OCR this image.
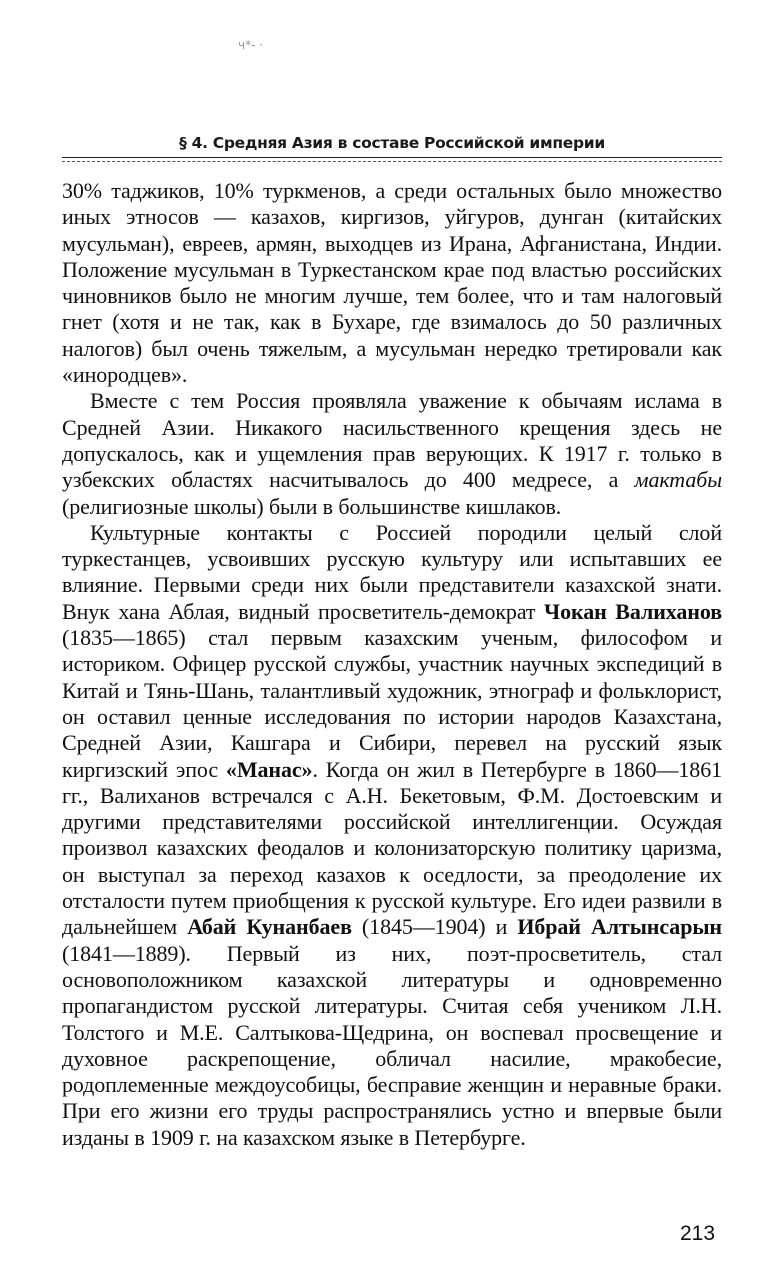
ч*- ·
§ 4. Средняя Азия в составе Российской империи

30% таджиков, 10% туркменов, а среди остальных было множество иных этносов — казахов, киргизов, уйгуров, дунган (китайских мусульман), евреев, армян, выходцев из Ирана, Афганистана, Индии. Положение мусульман в Туркестанском крае под властью российских чиновников было не многим лучше, тем более, что и там налоговый гнет (хотя и не так, как в Бухаре, где взималось до 50 различных налогов) был очень тяжелым, а мусульман нередко третировали как «инородцев».

Вместе с тем Россия проявляла уважение к обычаям ислама в Средней Азии. Никакого насильственного крещения здесь не допускалось, как и ущемления прав верующих. К 1917 г. только в узбекских областях насчитывалось до 400 медресе, а мактабы (религиозные школы) были в большинстве кишлаков.

Культурные контакты с Россией породили целый слой туркестанцев, усвоивших русскую культуру или испытавших ее влияние. Первыми среди них были представители казахской знати. Внук хана Аблая, видный просветитель-демократ Чокан Валиханов (1835—1865) стал первым казахским ученым, философом и историком. Офицер русской службы, участник научных экспедиций в Китай и Тянь-Шань, талантливый художник, этнограф и фольклорист, он оставил ценные исследования по истории народов Казахстана, Средней Азии, Кашгара и Сибири, перевел на русский язык киргизский эпос «Манас». Когда он жил в Петербурге в 1860—1861 гг., Валиханов встречался с А.Н. Бекетовым, Ф.М. Достоевским и другими представителями российской интеллигенции. Осуждая произвол казахских феодалов и колонизаторскую политику царизма, он выступал за переход казахов к оседлости, за преодоление их отсталости путем приобщения к русской культуре. Его идеи развили в дальнейшем Абай Кунанбаев (1845—1904) и Ибрай Алтынсарын (1841—1889). Первый из них, поэт-просветитель, стал основоположником казахской литературы и одновременно пропагандистом русской литературы. Считая себя учеником Л.Н. Толстого и М.Е. Салтыкова-Щедрина, он воспевал просвещение и духовное раскрепощение, обличал насилие, мракобесие, родоплеменные междоусобицы, бесправие женщин и неравные браки. При его жизни его труды распространялись устно и впервые были изданы в 1909 г. на казахском языке в Петербурге.

213
